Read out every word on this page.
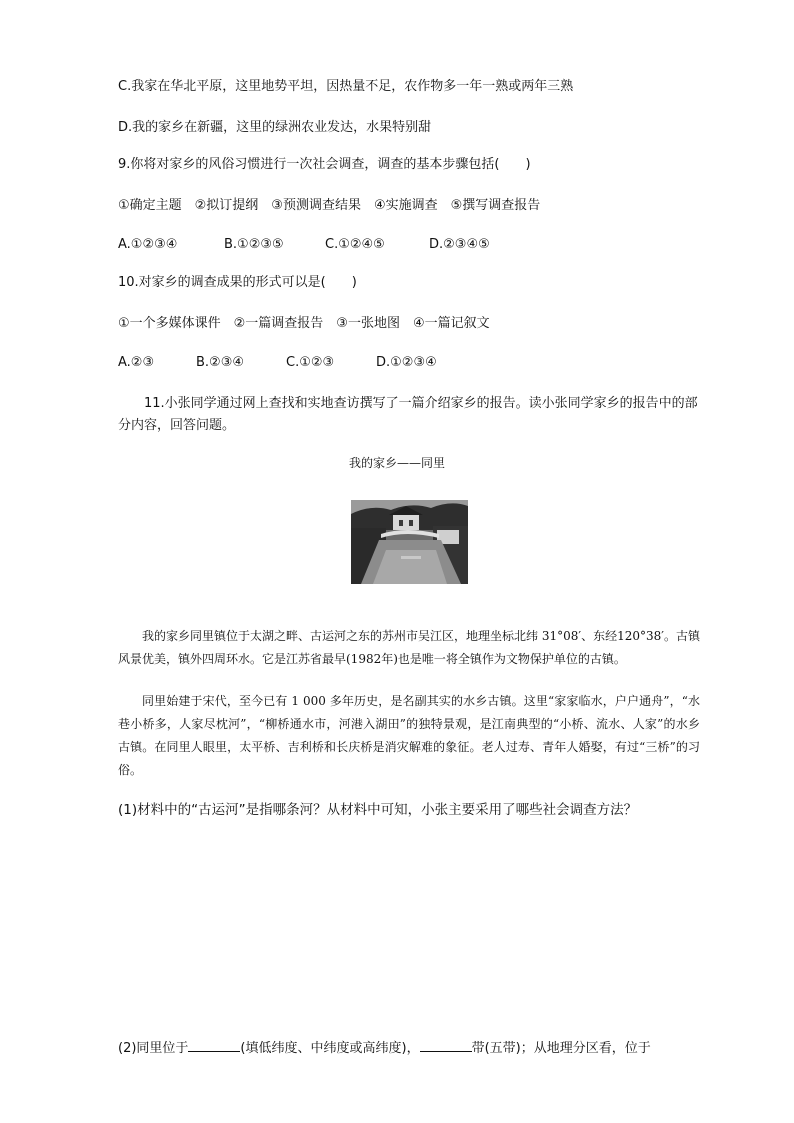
C.我家在华北平原，这里地势平坦，因热量不足，农作物多一年一熟或两年三熟
D.我的家乡在新疆，这里的绿洲农业发达，水果特别甜
9.你将对家乡的风俗习惯进行一次社会调查，调查的基本步骤包括(　　)
①确定主题　②拟订提纲　③预测调查结果　④实施调查　⑤撰写调查报告
A.①②③④	B.①②③⑤	C.①②④⑤	D.②③④⑤
10.对家乡的调查成果的形式可以是(　　)
①一个多媒体课件　②一篇调查报告　③一张地图　④一篇记叙文
A.②③	B.②③④	C.①②③	D.①②③④
11.小张同学通过网上查找和实地查访撰写了一篇介绍家乡的报告。读小张同学家乡的报告中的部分内容，回答问题。
我的家乡——同里
我的家乡同里镇位于太湖之畔、古运河之东的苏州市吴江区，地理坐标北纬 31°08′、东经120°38′。古镇风景优美，镇外四周环水。它是江苏省最早(1982年)也是唯一将全镇作为文物保护单位的古镇。
同里始建于宋代，至今已有 1 000 多年历史，是名副其实的水乡古镇。这里“家家临水，户户通舟”，“水巷小桥多，人家尽枕河”，“柳桥通水市，河港入湖田”的独特景观，是江南典型的“小桥、流水、人家”的水乡古镇。在同里人眼里，太平桥、吉利桥和长庆桥是消灾解难的象征。老人过寿、青年人婚娶，有过“三桥”的习俗。
(1)材料中的“古运河”是指哪条河？从材料中可知，小张主要采用了哪些社会调查方法？
(2)同里位于	(填低纬度、中纬度或高纬度)，	带(五带)；从地理分区看，位于
